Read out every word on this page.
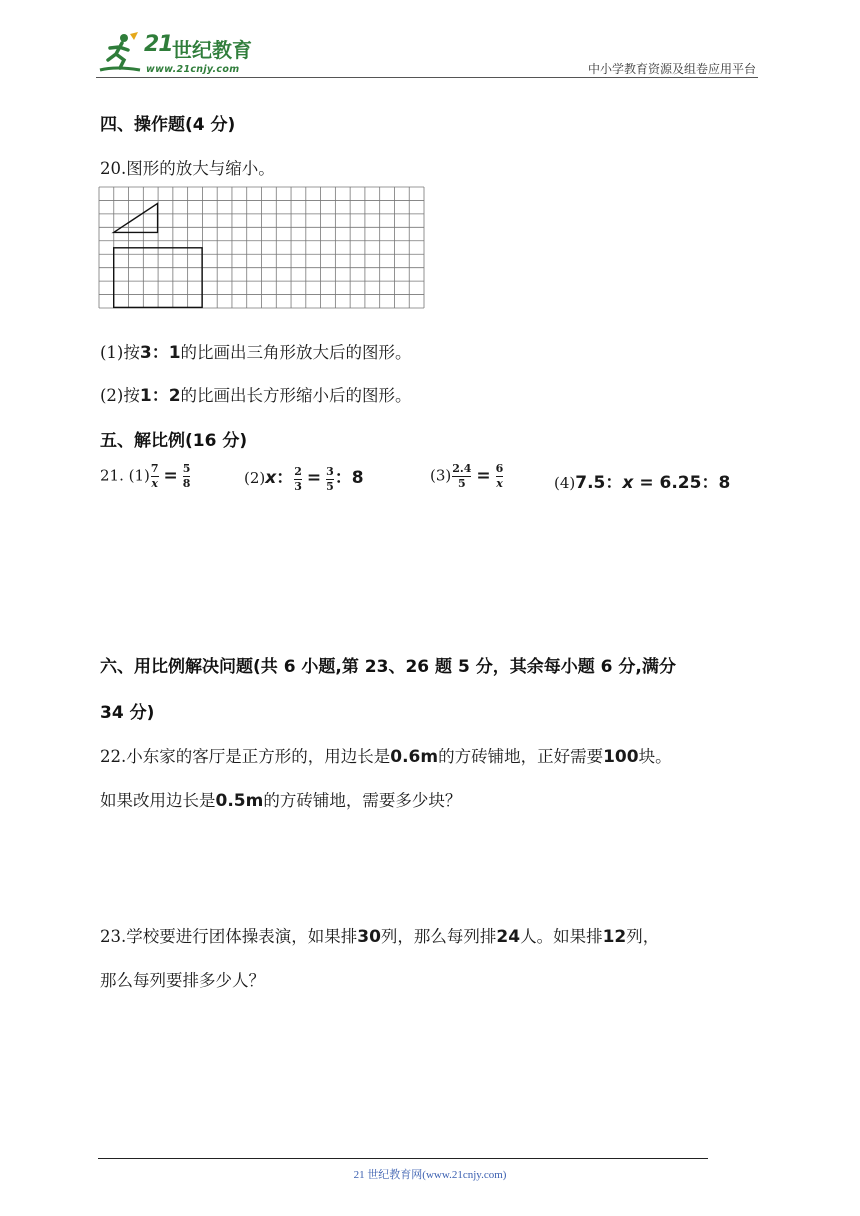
21 世纪教育
www.21cnjy.com	中小学教育资源及组卷应用平台
四、操作题(4 分)
20.图形的放大与缩小。
(1)按3：1的比画出三角形放大后的图形。
(2)按1：2的比画出长方形缩小后的图形。
五、解比例(16 分)
21. $(1) \frac{7}{x} = \frac{5}{8}$	(2)x： $\frac{2}{3} = \frac{3}{5}$ ：8	$(3) \frac{2.4}{5} = \frac{6}{x}$	(4)7.5：x = 6.25：8
六、用比例解决问题(共 6 小题,第 23、26 题 5 分，其余每小题 6 分,满分
34 分)
22.小东家的客厅是正方形的，用边长是0.6m的方砖铺地，正好需要100块。
如果改用边长是0.5m的方砖铺地，需要多少块？
23.学校要进行团体操表演，如果排30列，那么每列排24人。如果排12列，
那么每列要排多少人？
21 世纪教育网(www.21cnjy.com)
